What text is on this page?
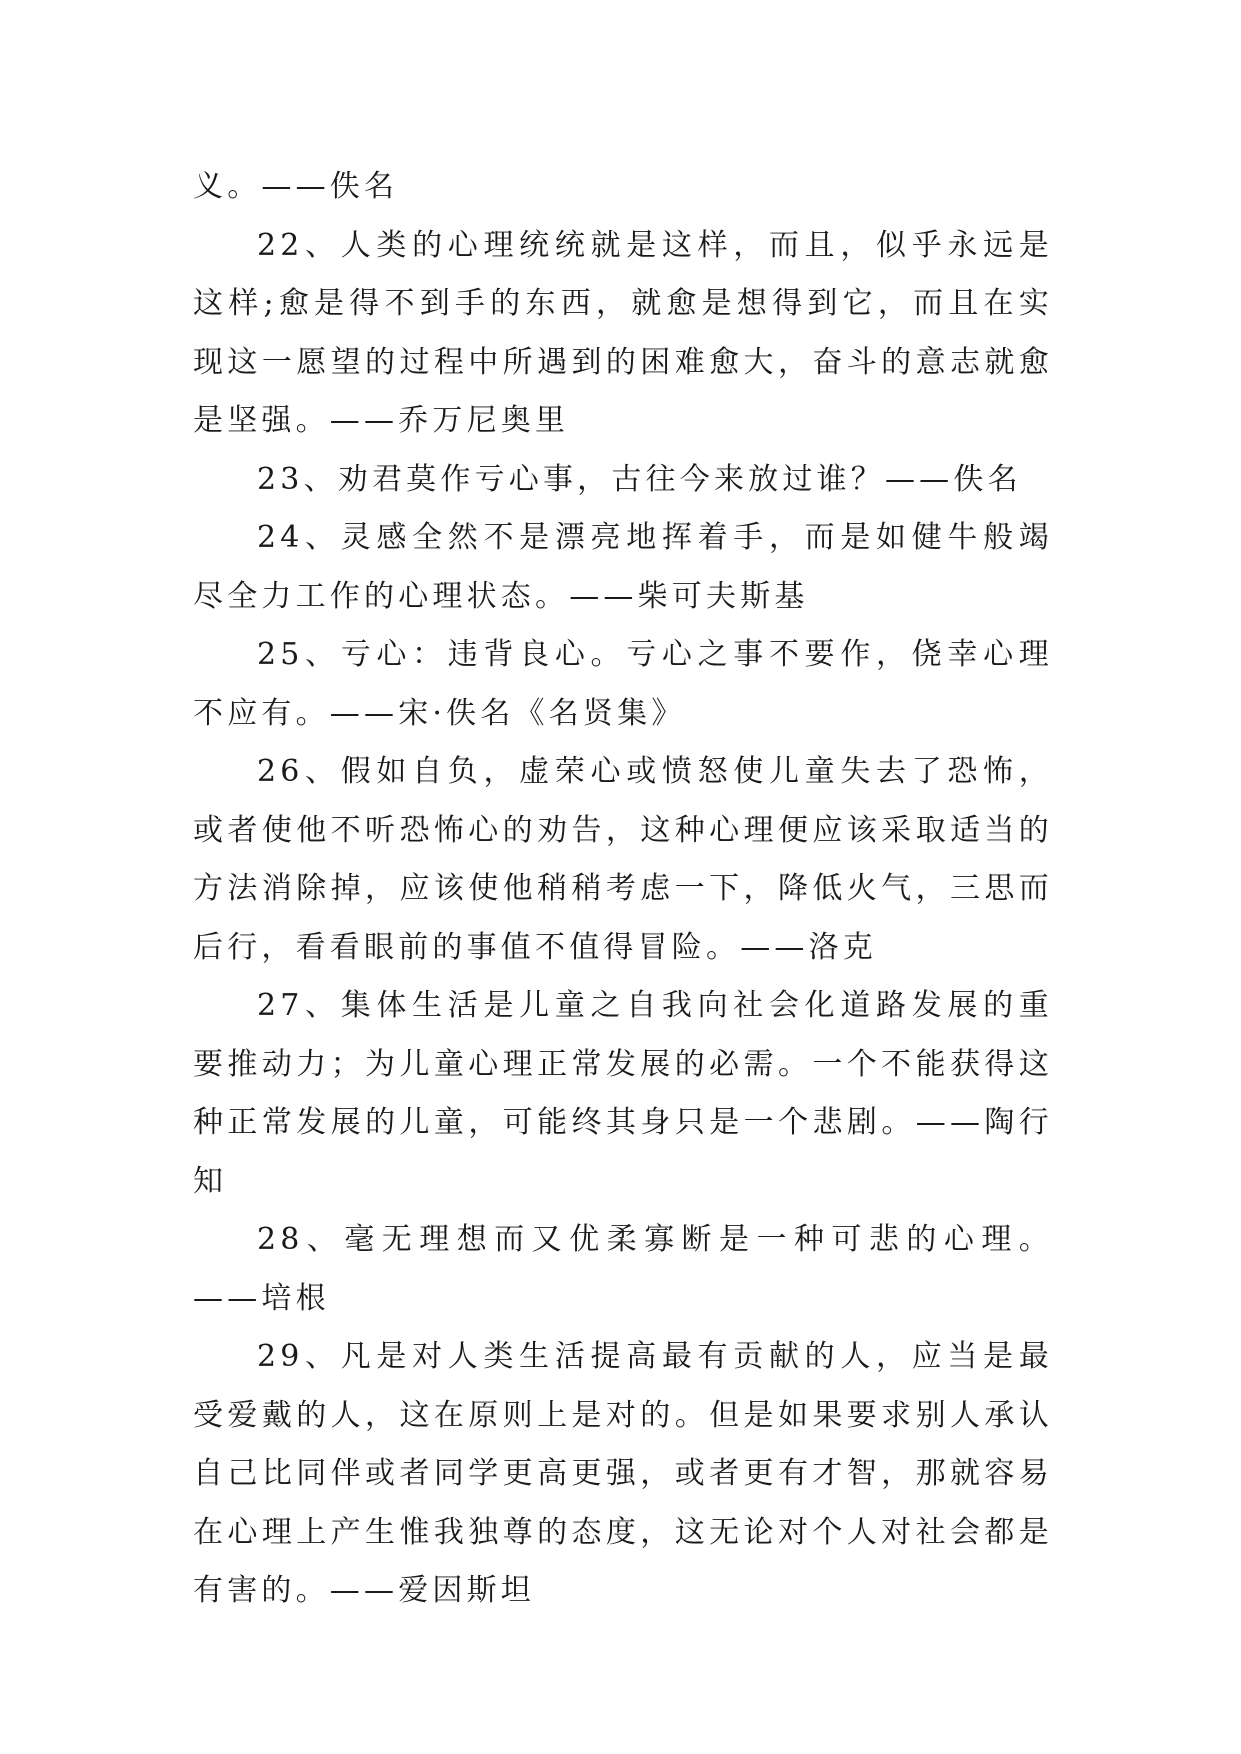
义。——佚名

22、人类的心理统统就是这样，而且，似乎永远是这样;愈是得不到手的东西，就愈是想得到它，而且在实现这一愿望的过程中所遇到的困难愈大，奋斗的意志就愈是坚强。——乔万尼奥里

23、劝君莫作亏心事，古往今来放过谁？——佚名

24、灵感全然不是漂亮地挥着手，而是如健牛般竭尽全力工作的心理状态。——柴可夫斯基

25、亏心：违背良心。亏心之事不要作，侥幸心理不应有。——宋·佚名《名贤集》

26、假如自负，虚荣心或愤怒使儿童失去了恐怖，或者使他不听恐怖心的劝告，这种心理便应该采取适当的方法消除掉，应该使他稍稍考虑一下，降低火气，三思而后行，看看眼前的事值不值得冒险。——洛克

27、集体生活是儿童之自我向社会化道路发展的重要推动力；为儿童心理正常发展的必需。一个不能获得这种正常发展的儿童，可能终其身只是一个悲剧。——陶行知

28、毫无理想而又优柔寡断是一种可悲的心理。——培根

29、凡是对人类生活提高最有贡献的人，应当是最受爱戴的人，这在原则上是对的。但是如果要求别人承认自己比同伴或者同学更高更强，或者更有才智，那就容易在心理上产生惟我独尊的态度，这无论对个人对社会都是有害的。——爱因斯坦
